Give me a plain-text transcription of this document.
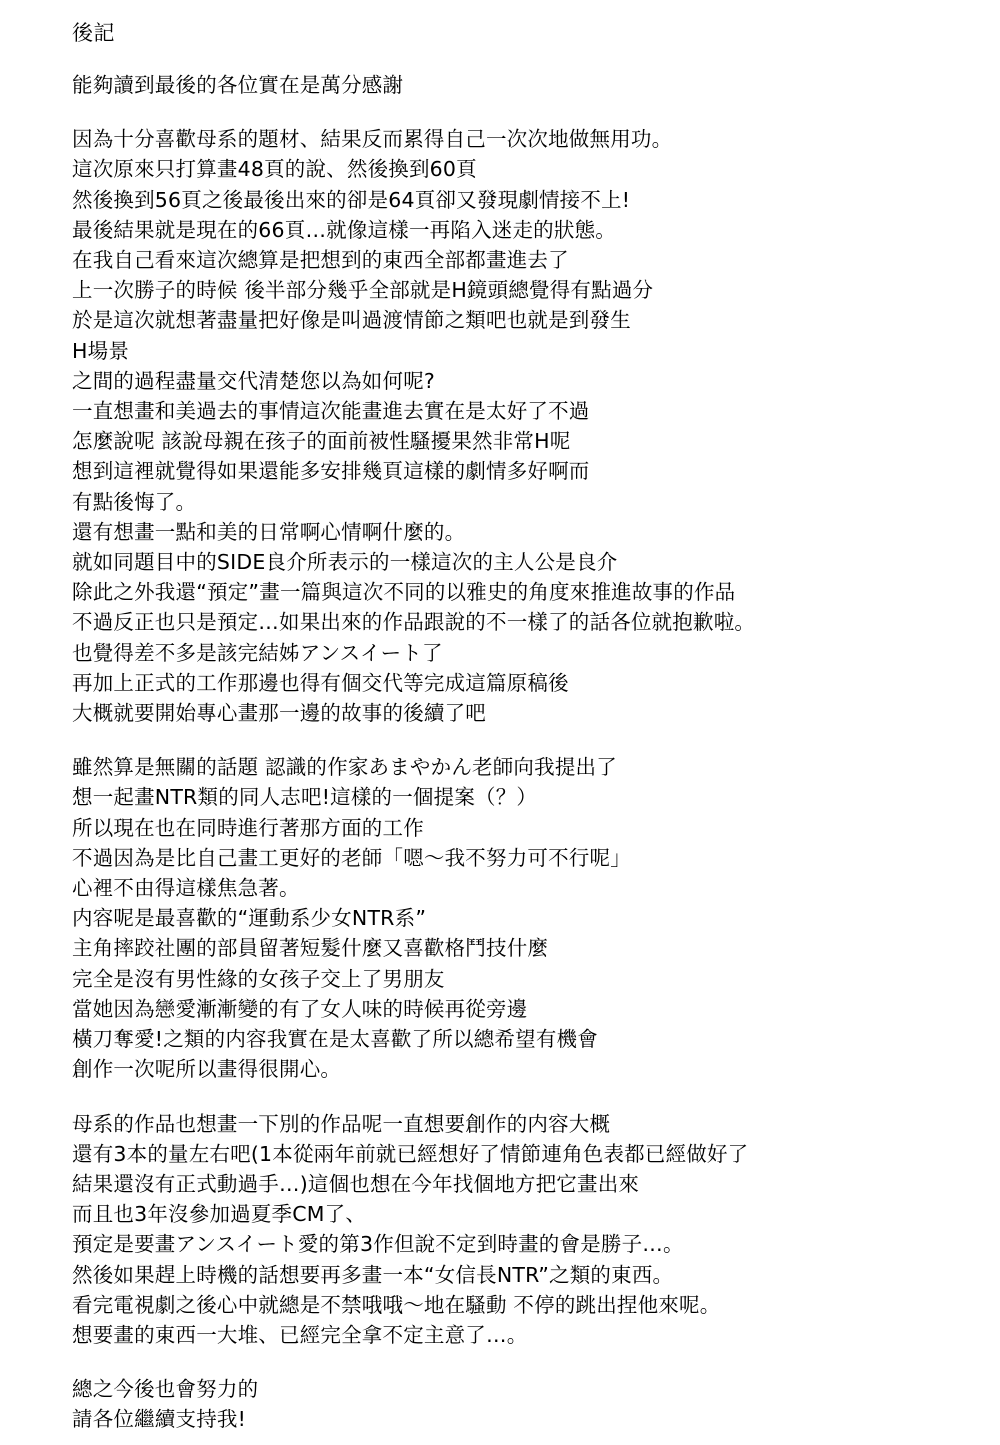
後記
能夠讀到最後的各位實在是萬分感謝
因為十分喜歡母系的題材、結果反而累得自己一次次地做無用功。
這次原來只打算畫48頁的說、然後換到60頁
然後換到56頁之後最後出來的卻是64頁卻又發現劇情接不上!
最後結果就是現在的66頁…就像這樣一再陷入迷走的狀態。
在我自己看來這次總算是把想到的東西全部都畫進去了
上一次勝子的時候 後半部分幾乎全部就是H鏡頭總覺得有點過分
於是這次就想著盡量把好像是叫過渡情節之類吧也就是到發生
H場景
之間的過程盡量交代清楚您以為如何呢?
一直想畫和美過去的事情這次能畫進去實在是太好了不過
怎麼說呢 該說母親在孩子的面前被性騷擾果然非常H呢
想到這裡就覺得如果還能多安排幾頁這樣的劇情多好啊而
有點後悔了。
還有想畫一點和美的日常啊心情啊什麼的。
就如同題目中的SIDE良介所表示的一樣這次的主人公是良介
除此之外我還“預定”畫一篇與這次不同的以雅史的角度來推進故事的作品
不過反正也只是預定…如果出來的作品跟說的不一樣了的話各位就抱歉啦。
也覺得差不多是該完結姊アンスイート了
再加上正式的工作那邊也得有個交代等完成這篇原稿後
大概就要開始專心畫那一邊的故事的後續了吧
雖然算是無關的話題 認識的作家あまやかん老師向我提出了
想一起畫NTR類的同人志吧!這樣的一個提案（？）
所以現在也在同時進行著那方面的工作
不過因為是比自己畫工更好的老師「嗯～我不努力可不行呢」
心裡不由得這樣焦急著。
内容呢是最喜歡的“運動系少女NTR系”
主角摔跤社團的部員留著短髮什麼又喜歡格鬥技什麼
完全是沒有男性緣的女孩子交上了男朋友
當她因為戀愛漸漸變的有了女人味的時候再從旁邊
橫刀奪愛!之類的内容我實在是太喜歡了所以總希望有機會
創作一次呢所以畫得很開心。
母系的作品也想畫一下別的作品呢一直想要創作的内容大概
還有3本的量左右吧(1本從兩年前就已經想好了情節連角色表都已經做好了
結果還沒有正式動過手…)這個也想在今年找個地方把它畫出來
而且也3年沒參加過夏季CM了、
預定是要畫アンスイート愛的第3作但說不定到時畫的會是勝子…。
然後如果趕上時機的話想要再多畫一本“女信長NTR”之類的東西。
看完電視劇之後心中就總是不禁哦哦～地在騷動 不停的跳出捏他來呢。
想要畫的東西一大堆、已經完全拿不定主意了…。
總之今後也會努力的
請各位繼續支持我!
